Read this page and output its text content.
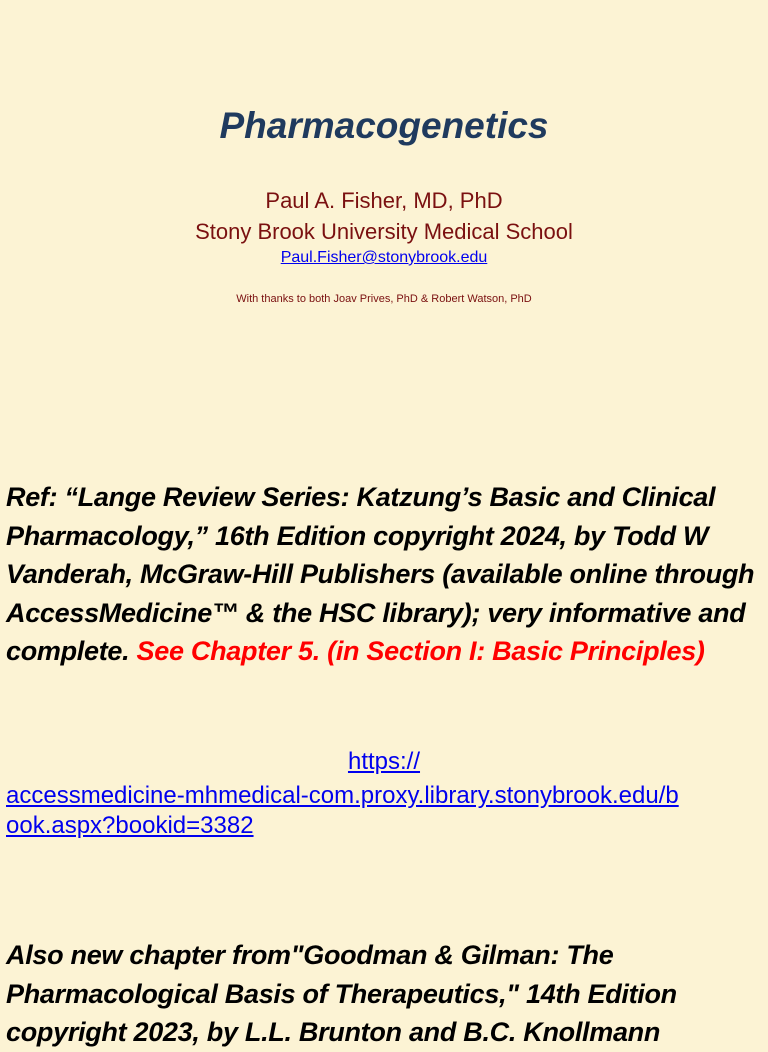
Pharmacogenetics

Paul A. Fisher, MD, PhD

Stony Brook University Medical School

Paul.Fisher@stonybrook.edu
With thanks to both Joav Prives, PhD & Robert Watson, PhD

Ref: “Lange Review Series: Katzung’s Basic and Clinical Pharmacology,” 16th Edition copyright 2024, by Todd W Vanderah, McGraw-Hill Publishers (available online through AccessMedicine™ & the HSC library); very informative and complete. See Chapter 5. (in Section I: Basic Principles)

https://
accessmedicine-mhmedical-com.proxy.library.stonybrook.edu/b
ook.aspx?bookid=3382

Also new chapter from"Goodman & Gilman: The Pharmacological Basis of Therapeutics," 14th Edition copyright 2023, by L.L. Brunton and B.C. Knollmann
